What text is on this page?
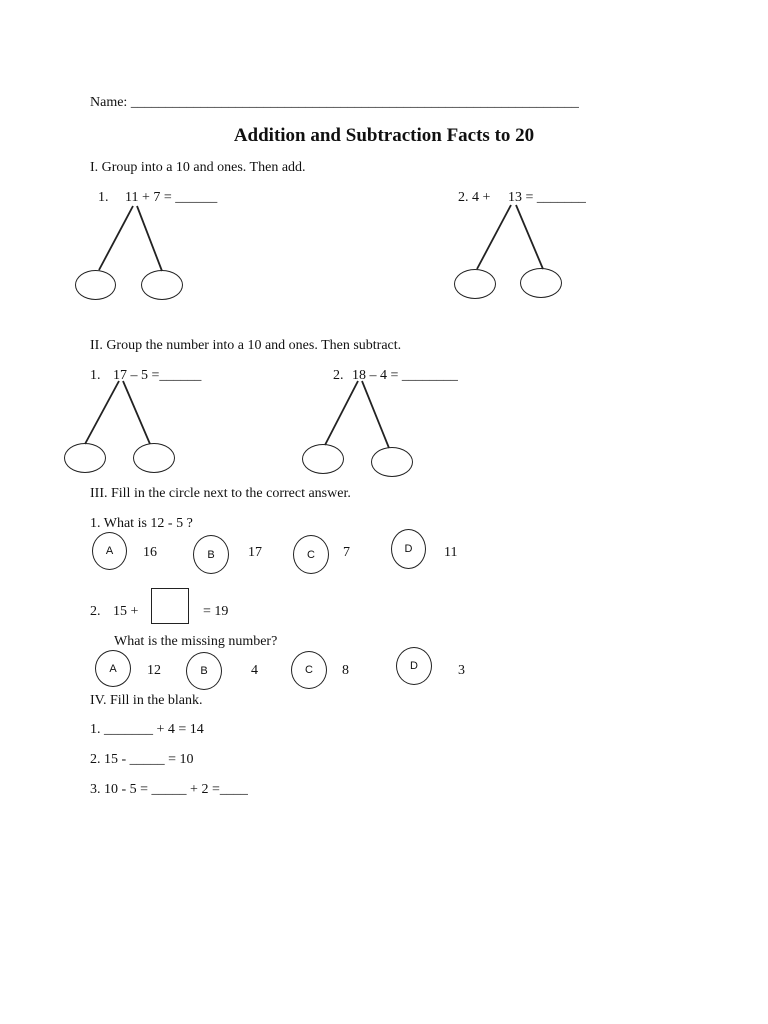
Name: ________________________________________________________________
Addition and Subtraction Facts to 20
I. Group into a 10 and ones. Then add.
1. 11 + 7 = ______	2. 4 + 13 = _______
II. Group the number into a 10 and ones. Then subtract.
1. 17 – 5 =______	2. 18 – 4 = ________
III. Fill in the circle next to the correct answer.
1. What is 12 - 5 ?
A	16	B	17	C	7	D	11
2. 15 +	= 19
What is the missing number?
A	12	B	4	C	8	D	3
IV. Fill in the blank.
1. _______ + 4 = 14
2. 15 - _____ = 10
3. 10 - 5 = _____ + 2 =____
